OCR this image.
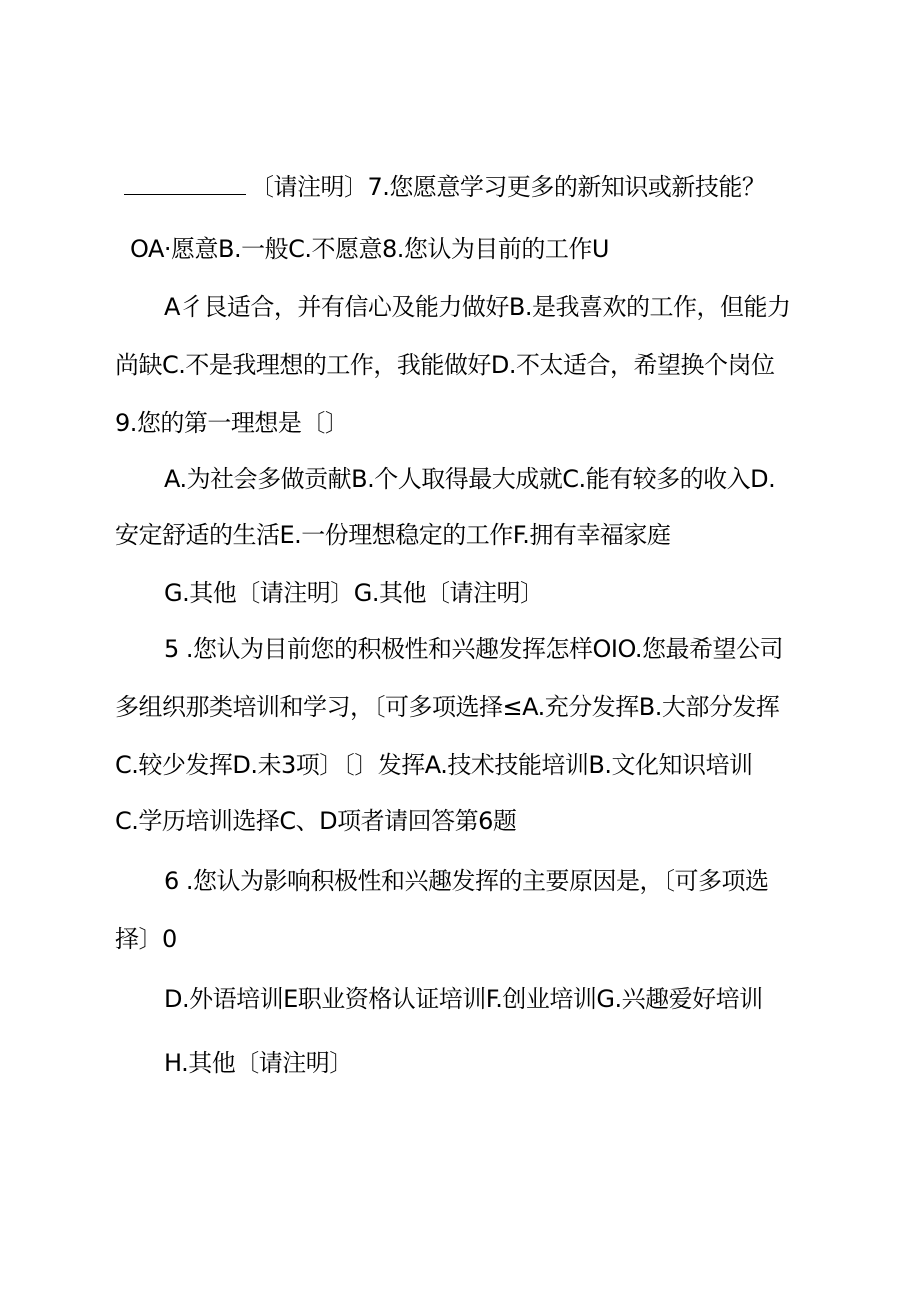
〔请注明〕7.您愿意学习更多的新知识或新技能？
OA·愿意B.一般C.不愿意8.您认为目前的工作U
A彳艮适合，并有信心及能力做好B.是我喜欢的工作，但能力
尚缺C.不是我理想的工作，我能做好D.不太适合，希望换个岗位
9.您的第一理想是〔〕
A.为社会多做贡献B.个人取得最大成就C.能有较多的收入D.
安定舒适的生活E.一份理想稳定的工作F.拥有幸福家庭
G.其他〔请注明〕G.其他〔请注明〕
5 .您认为目前您的积极性和兴趣发挥怎样OIO.您最希望公司
多组织那类培训和学习，〔可多项选择≤A.充分发挥B.大部分发挥
C.较少发挥D.未3项〕〔〕发挥A.技术技能培训B.文化知识培训
C.学历培训选择C、D项者请回答第6题
6 .您认为影响积极性和兴趣发挥的主要原因是，〔可多项选
择〕0
D.外语培训E职业资格认证培训F.创业培训G.兴趣爱好培训
H.其他〔请注明〕
